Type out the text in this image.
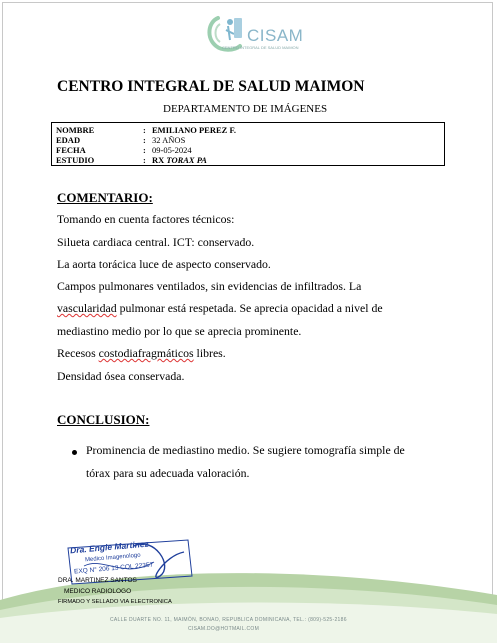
CISAM
CENTRO INTEGRAL DE SALUD MAIMON
CENTRO INTEGRAL DE SALUD MAIMON
DEPARTAMENTO DE IMÁGENES
NOMBRE	: EMILIANO PEREZ F.
EDAD	: 32 AÑOS
FECHA	: 09-05-2024
ESTUDIO	: RX TORAX PA
COMENTARIO:
Tomando en cuenta factores técnicos:
Silueta cardiaca central. ICT: conservado.
La aorta torácica luce de aspecto conservado.
Campos pulmonares ventilados, sin evidencias de infiltrados. La
vascularidad pulmonar está respetada. Se aprecia opacidad a nivel de
mediastino medio por lo que se aprecia prominente.
Recesos costodiafragmáticos libres.
Densidad ósea conservada.
CONCLUSION:
Prominencia de mediastino medio. Se sugiere tomografía simple de
tórax para su adecuada valoración.
Dra. Engie Martinez
Medico Imagenologo
EXQ N° 206 13 COL 22357
DRA. MARTINEZ SANTOS
MEDICO RADIOLOGO
FIRMADO Y SELLADO VIA ELECTRONICA
CALLE DUARTE NO. 11, MAIMÓN, BONAO, REPUBLICA DOMINICANA, TEL.: (809)-525-2186
CISAM.DO@HOTMAIL.COM
